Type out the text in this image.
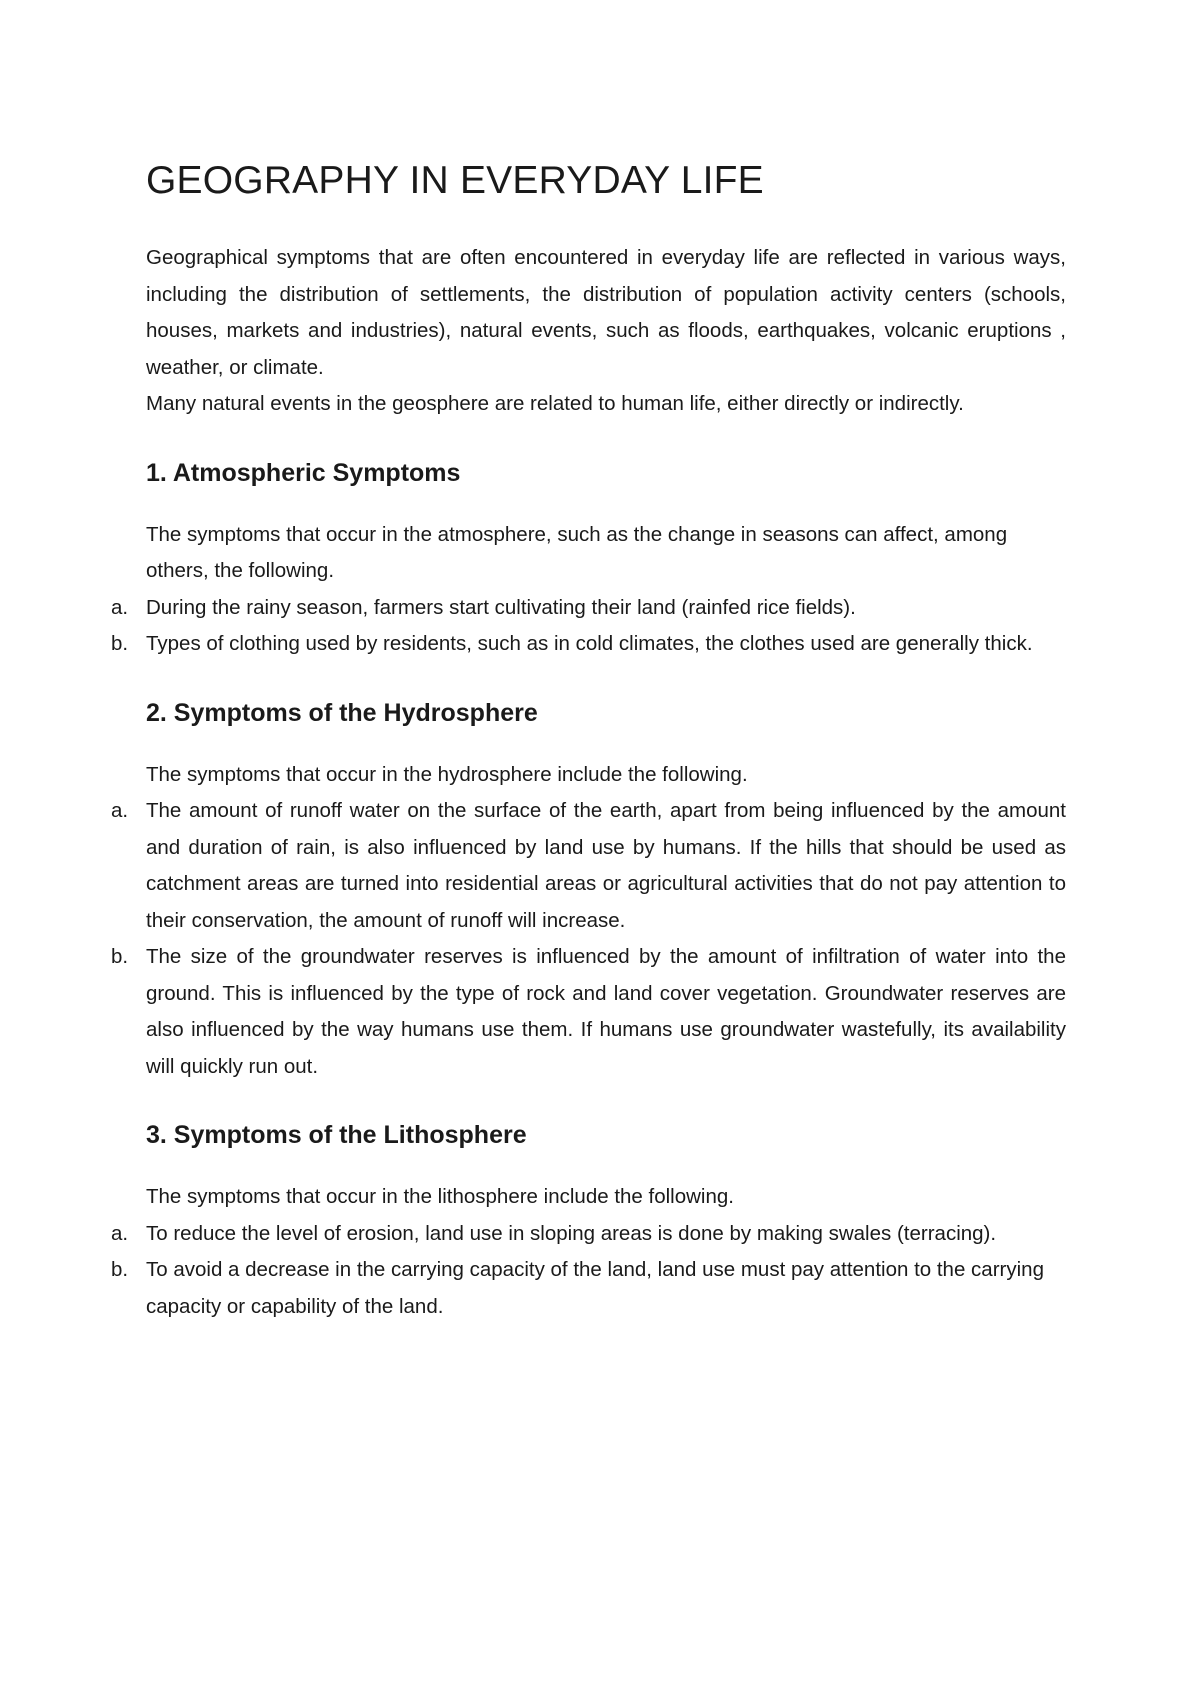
GEOGRAPHY IN EVERYDAY LIFE

Geographical symptoms that are often encountered in everyday life are reflected in various ways, including the distribution of settlements, the distribution of population activity centers (schools, houses, markets and industries), natural events, such as floods, earthquakes, volcanic eruptions , weather, or climate.

Many natural events in the geosphere are related to human life, either directly or indirectly.

1. Atmospheric Symptoms

The symptoms that occur in the atmosphere, such as the change in seasons can affect, among others, the following.

a. During the rainy season, farmers start cultivating their land (rainfed rice fields).
b. Types of clothing used by residents, such as in cold climates, the clothes used are generally thick.
2. Symptoms of the Hydrosphere

The symptoms that occur in the hydrosphere include the following.

a. The amount of runoff water on the surface of the earth, apart from being influenced by the amount and duration of rain, is also influenced by land use by humans. If the hills that should be used as catchment areas are turned into residential areas or agricultural activities that do not pay attention to their conservation, the amount of runoff will increase.
b. The size of the groundwater reserves is influenced by the amount of infiltration of water into the ground. This is influenced by the type of rock and land cover vegetation. Groundwater reserves are also influenced by the way humans use them. If humans use groundwater wastefully, its availability will quickly run out.
3. Symptoms of the Lithosphere

The symptoms that occur in the lithosphere include the following.

a. To reduce the level of erosion, land use in sloping areas is done by making swales (terracing).
b. To avoid a decrease in the carrying capacity of the land, land use must pay attention to the carrying capacity or capability of the land.
